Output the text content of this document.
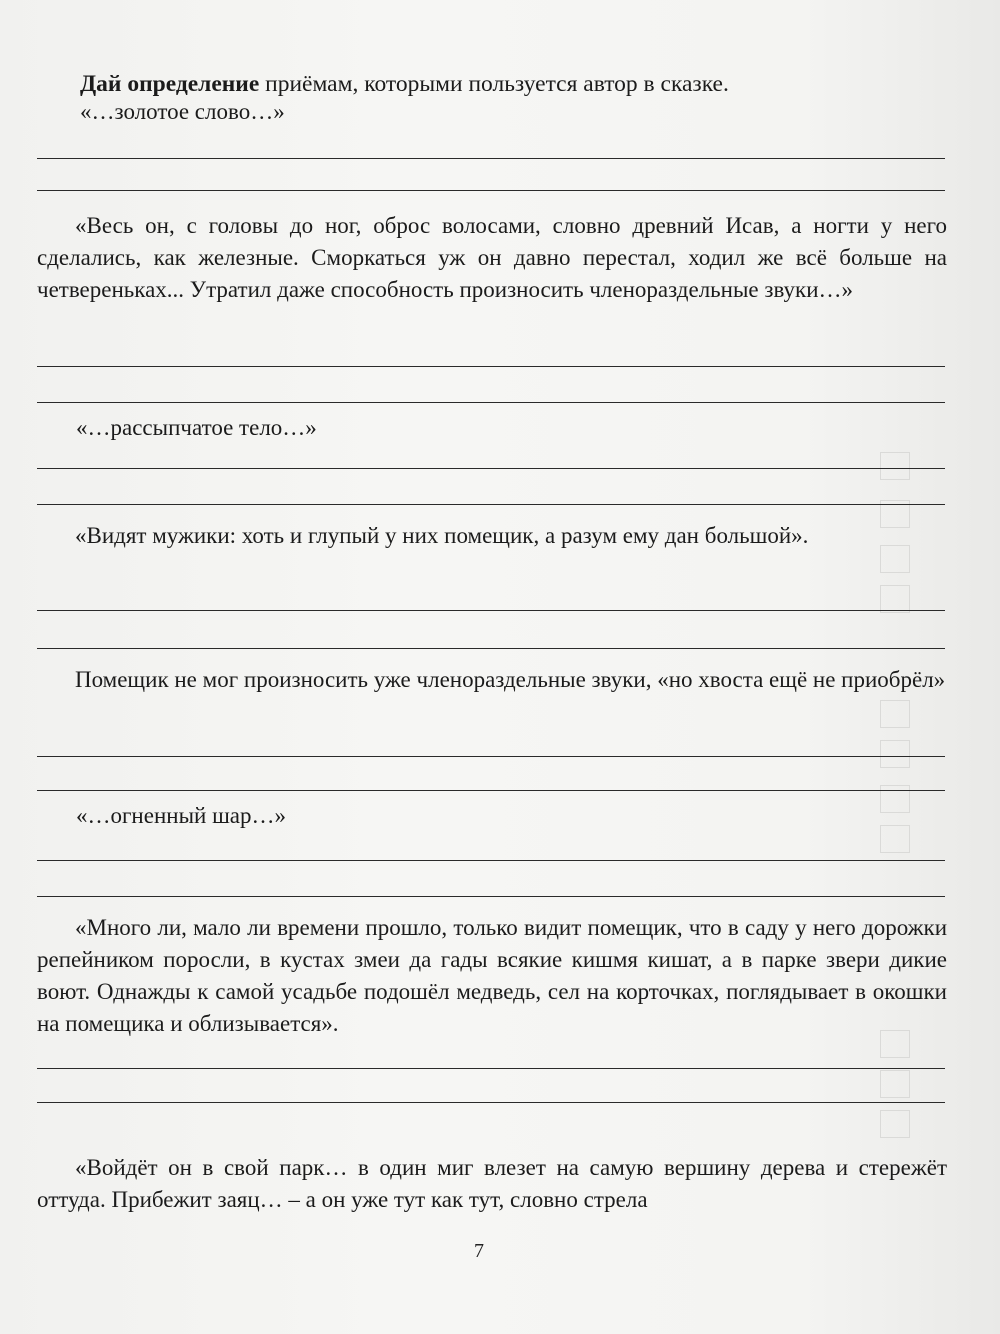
Дай определение приёмам, которыми пользуется автор в сказке.
«…золотое слово…»
«Весь он, с головы до ног, оброс волосами, словно древний Исав, а ногти у него сделались, как железные. Сморкаться уж он давно перестал, ходил же всё больше на четвереньках... Утратил даже способность произносить членораздельные звуки…»
«…рассыпчатое тело…»
«Видят мужики: хоть и глупый у них помещик, а разум ему дан большой».
Помещик не мог произносить уже членораздельные звуки, «но хвоста ещё не приобрёл»
«…огненный шар…»
«Много ли, мало ли времени прошло, только видит помещик, что в саду у него дорожки репейником поросли, в кустах змеи да гады всякие кишмя кишат, а в парке звери дикие воют. Однажды к самой усадьбе подошёл медведь, сел на корточках, поглядывает в окошки на помещика и облизывается».
«Войдёт он в свой парк… в один миг влезет на самую вершину дерева и стережёт оттуда. Прибежит заяц… – а он уже тут как тут, словно стрела
7
